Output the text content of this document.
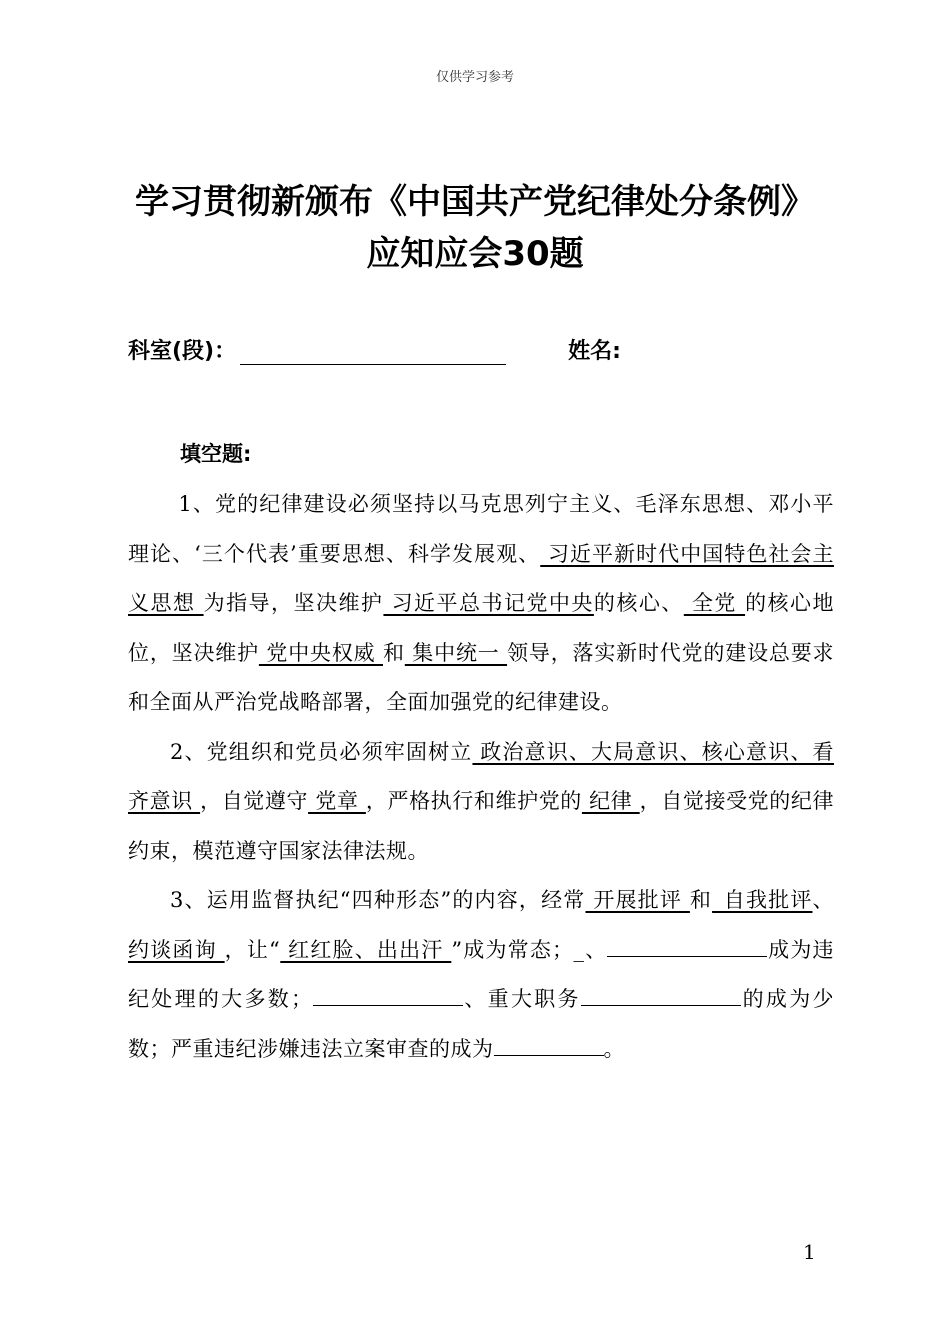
仅供学习参考
学习贯彻新颁布《中国共产党纪律处分条例》
应知应会30题
科室(段)：	姓名:
填空题:

1、党的纪律建设必须坚持以马克思列宁主义、毛泽东思想、邓小平理论、‘三个代表’重要思想、科学发展观、 习近平新时代中国特色社会主义思想 为指导，坚决维护 习近平总书记党中央的核心、 全党 的核心地位，坚决维护 党中央权威 和 集中统一 领导，落实新时代党的建设总要求和全面从严治党战略部署，全面加强党的纪律建设。

2、党组织和党员必须牢固树立 政治意识、大局意识、核心意识、看齐意识 ，自觉遵守 党章 ，严格执行和维护党的 纪律 ，自觉接受党的纪律约束，模范遵守国家法律法规。

3、运用监督执纪“四种形态”的内容，经常 开展批评 和_自我批评、 约谈函询 ，让“ 红红脸、出出汗 ”成为常态；_、	成为违纪处理的大多数；	、重大职务	的成为少数；严重违纪涉嫌违法立案审查的成为	。

1
